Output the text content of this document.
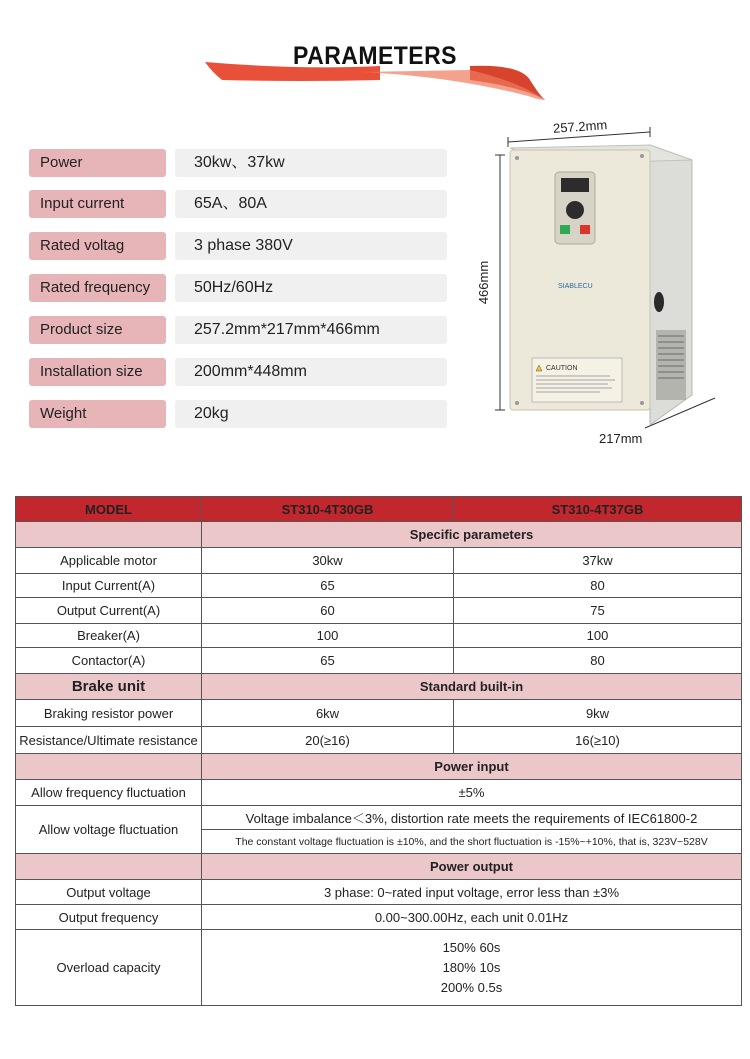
PARAMETERS
Power	30kw、37kw
Input current	65A、80A
Rated voltag	3 phase 380V
Rated frequency	50Hz/60Hz
Product size	257.2mm*217mm*466mm
Installation size	200mm*448mm
Weight	20kg
SIABLECU
CAUTION
257.2mm
466mm
217mm
MODEL	ST310-4T30GB	ST310-4T37GB
	Specific parameters	
Applicable motor	30kw	37kw
Input Current(A)	65	80
Output Current(A)	60	75
Breaker(A)	100	100
Contactor(A)	65	80
Brake unit	Standard built-in	
Braking resistor power	6kw	9kw
Resistance/Ultimate resistance	20(≥16)	16(≥10)
	Power input	
Allow frequency fluctuation	±5%	
Allow voltage fluctuation	Voltage imbalance＜3%, distortion rate meets the requirements of IEC61800-2	
	The constant voltage fluctuation is ±10%, and the short fluctuation is -15%~+10%, that is, 323V~528V	
	Power output	
Output voltage	3 phase: 0~rated input voltage, error less than ±3%	
Output frequency	0.00~300.00Hz, each unit 0.01Hz	
Overload capacity	150% 60s
180% 10s
200% 0.5s	
